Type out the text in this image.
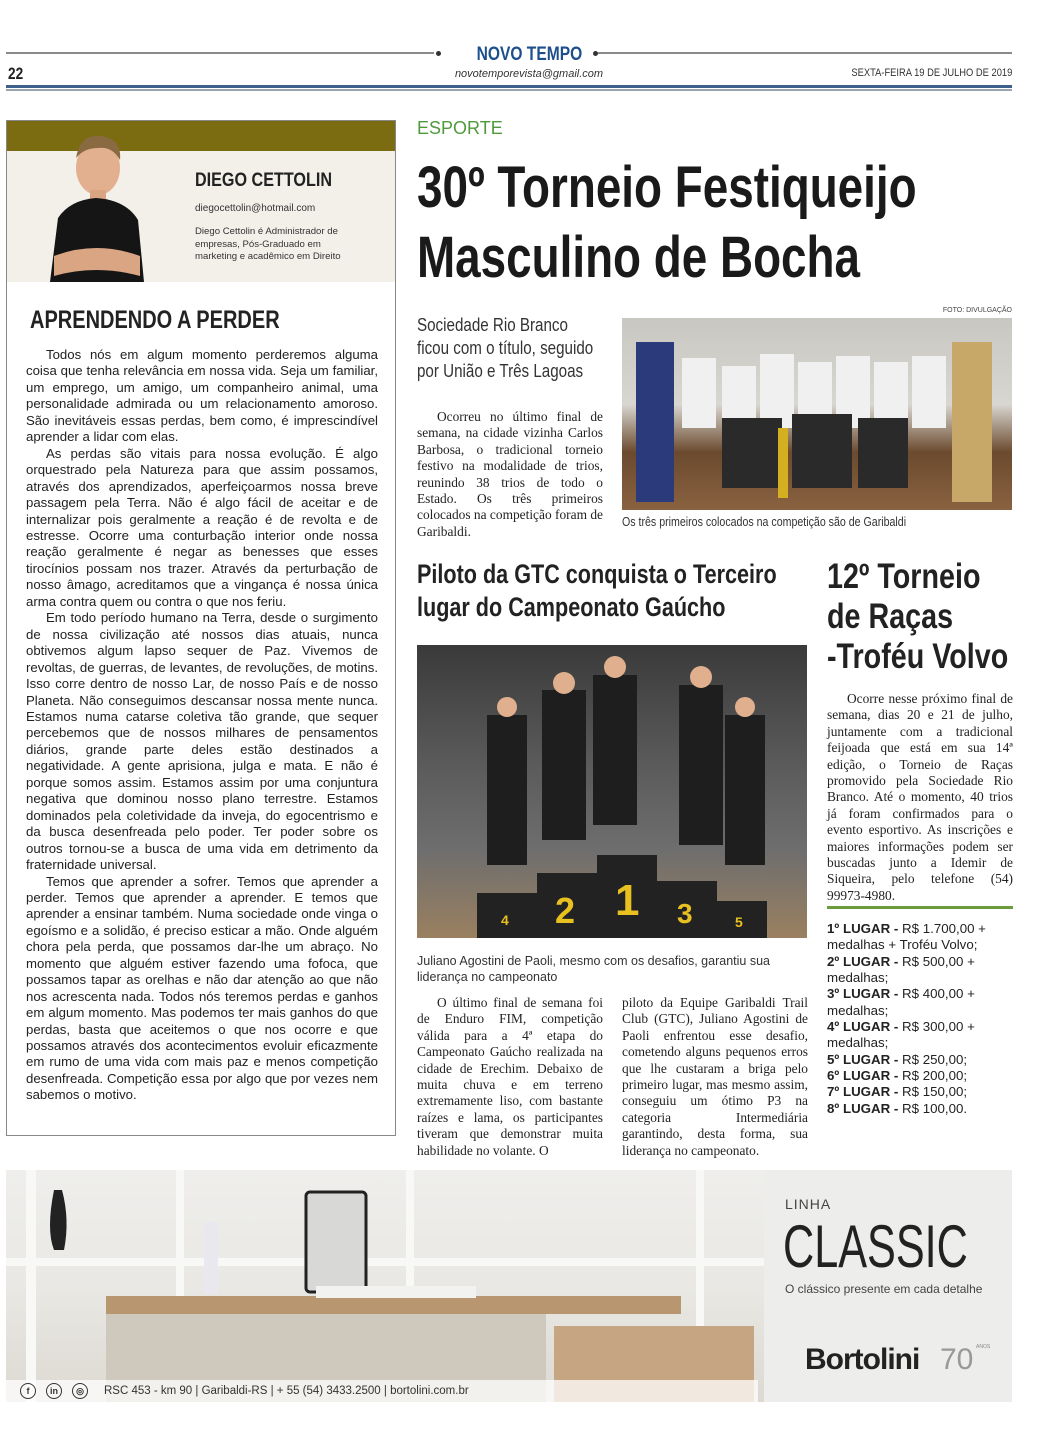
NOVO TEMPO
22	novotemporevista@gmail.com	SEXTA-FEIRA 19 DE JULHO DE 2019
DIEGO CETTOLIN
diegocettolin@hotmail.com
Diego Cettolin é Administrador de empresas, Pós-Graduado em marketing e acadêmico em Direito
APRENDENDO A PERDER

Todos nós em algum momento perderemos alguma coisa que tenha relevância em nossa vida. Seja um familiar, um emprego, um amigo, um companheiro animal, uma personalidade admirada ou um relacionamento amoroso. São inevitáveis essas perdas, bem como, é imprescindível aprender a lidar com elas.

As perdas são vitais para nossa evolução. É algo orquestrado pela Natureza para que assim possamos, através dos aprendizados, aperfeiçoarmos nossa breve passagem pela Terra. Não é algo fácil de aceitar e de internalizar pois geralmente a reação é de revolta e de estresse. Ocorre uma conturbação interior onde nossa reação geralmente é negar as benesses que esses tirocínios possam nos trazer. Através da perturbação de nosso âmago, acreditamos que a vingança é nossa única arma contra quem ou contra o que nos feriu.

Em todo período humano na Terra, desde o surgimento de nossa civilização até nossos dias atuais, nunca obtivemos algum lapso sequer de Paz. Vivemos de revoltas, de guerras, de levantes, de revoluções, de motins. Isso corre dentro de nosso Lar, de nosso País e de nosso Planeta. Não conseguimos descansar nossa mente nunca. Estamos numa catarse coletiva tão grande, que sequer percebemos que de nossos milhares de pensamentos diários, grande parte deles estão destinados a negatividade. A gente aprisiona, julga e mata. E não é porque somos assim. Estamos assim por uma conjuntura negativa que dominou nosso plano terrestre. Estamos dominados pela coletividade da inveja, do egocentrismo e da busca desenfreada pelo poder. Ter poder sobre os outros tornou-se a busca de uma vida em detrimento da fraternidade universal.

Temos que aprender a sofrer. Temos que aprender a perder. Temos que aprender a aprender. E temos que aprender a ensinar também. Numa sociedade onde vinga o egoísmo e a solidão, é preciso esticar a mão. Onde alguém chora pela perda, que possamos dar-lhe um abraço. No momento que alguém estiver fazendo uma fofoca, que possamos tapar as orelhas e não dar atenção ao que não nos acrescenta nada. Todos nós teremos perdas e ganhos em algum momento. Mas podemos ter mais ganhos do que perdas, basta que aceitemos o que nos ocorre e que possamos através dos acontecimentos evoluir eficazmente em rumo de uma vida com mais paz e menos competição desenfreada. Competição essa por algo que por vezes nem sabemos o motivo.

ESPORTE
30º Torneio Festiqueijo
Masculino de Bocha
Sociedade Rio Branco
ficou com o título, seguido
por União e Três Lagoas

Ocorreu no último final de semana, na cidade vizinha Carlos Barbosa, o tradicional torneio festivo na modalidade de trios, reunindo 38 trios de todo o Estado. Os três primeiros colocados na competição foram de Garibaldi.

FOTO: DIVULGAÇÃO
Os três primeiros colocados na competição são de Garibaldi
Piloto da GTC conquista o Terceiro
lugar do Campeonato Gaúcho
4 2 1 3	5
Juliano Agostini de Paoli, mesmo com os desafios, garantiu sua liderança no campeonato

O último final de semana foi de Enduro FIM, competição válida para a 4ª etapa do Campeonato Gaúcho realizada na cidade de Erechim. Debaixo de muita chuva e em terreno extremamente liso, com bastante raízes e lama, os participantes tiveram que demonstrar muita habilidade no volante. O

piloto da Equipe Garibaldi Trail Club (GTC), Juliano Agostini de Paoli enfrentou esse desafio, cometendo alguns pequenos erros que lhe custaram a briga pelo primeiro lugar, mas mesmo assim, conseguiu um ótimo P3 na categoria Intermediária garantindo, desta forma, sua liderança no campeonato.

12º Torneio
de Raças
-Troféu Volvo

Ocorre nesse próximo final de semana, dias 20 e 21 de julho, juntamente com a tradicional feijoada que está em sua 14ª edição, o Torneio de Raças promovido pela Sociedade Rio Branco. Até o momento, 40 trios já foram confirmados para o evento esportivo. As inscrições e maiores informações podem ser buscadas junto a Idemir de Siqueira, pelo telefone (54) 99973-4980.

1º LUGAR - R$ 1.700,00 + medalhas + Troféu Volvo;
2º LUGAR - R$ 500,00 + medalhas;
3º LUGAR - R$ 400,00 + medalhas;
4º LUGAR - R$ 300,00 + medalhas;
5º LUGAR - R$ 250,00;
6º LUGAR - R$ 200,00;
7º LUGAR - R$ 150,00;
8º LUGAR - R$ 100,00.
LINHA
CLASSIC
O clássico presente em cada detalhe
Bortolini 70 ANOS
f	in	◎	RSC 453 - km 90 | Garibaldi-RS | + 55 (54) 3433.2500 | bortolini.com.br
